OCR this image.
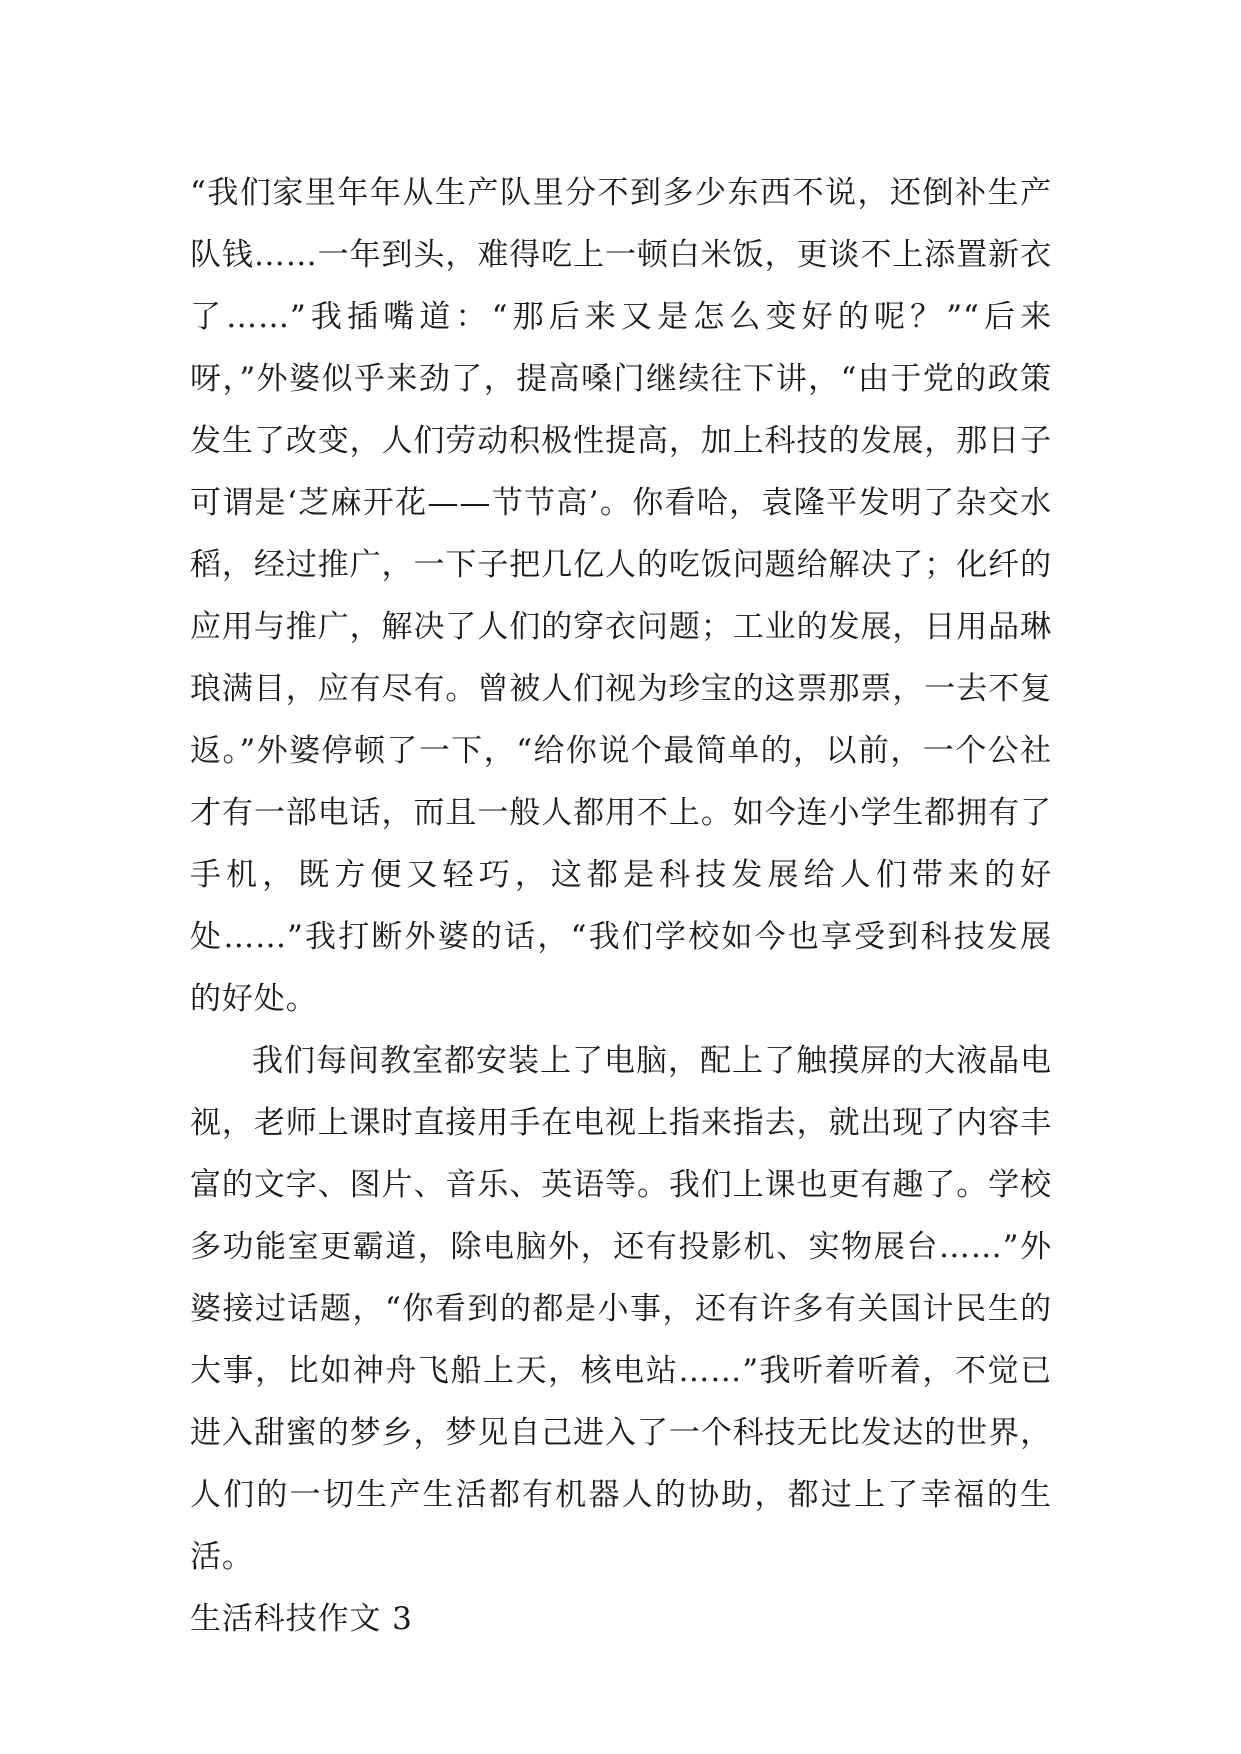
“我们家里年年从生产队里分不到多少东西不说，还倒补生产队钱……一年到头，难得吃上一顿白米饭，更谈不上添置新衣了……”我插嘴道：“那后来又是怎么变好的呢？”“后来呀，”外婆似乎来劲了，提高嗓门继续往下讲，“由于党的政策发生了改变，人们劳动积极性提高，加上科技的发展，那日子可谓是‘芝麻开花——节节高’。你看哈，袁隆平发明了杂交水稻，经过推广，一下子把几亿人的吃饭问题给解决了；化纤的应用与推广，解决了人们的穿衣问题；工业的发展，日用品琳琅满目，应有尽有。曾被人们视为珍宝的这票那票，一去不复返。”外婆停顿了一下，“给你说个最简单的，以前，一个公社才有一部电话，而且一般人都用不上。如今连小学生都拥有了手机，既方便又轻巧，这都是科技发展给人们带来的好处……”我打断外婆的话，“我们学校如今也享受到科技发展的好处。

我们每间教室都安装上了电脑，配上了触摸屏的大液晶电视，老师上课时直接用手在电视上指来指去，就出现了内容丰富的文字、图片、音乐、英语等。我们上课也更有趣了。学校多功能室更霸道，除电脑外，还有投影机、实物展台……”外婆接过话题，“你看到的都是小事，还有许多有关国计民生的大事，比如神舟飞船上天，核电站……”我听着听着，不觉已进入甜蜜的梦乡，梦见自己进入了一个科技无比发达的世界，人们的一切生产生活都有机器人的协助，都过上了幸福的生活。

生活科技作文 3
